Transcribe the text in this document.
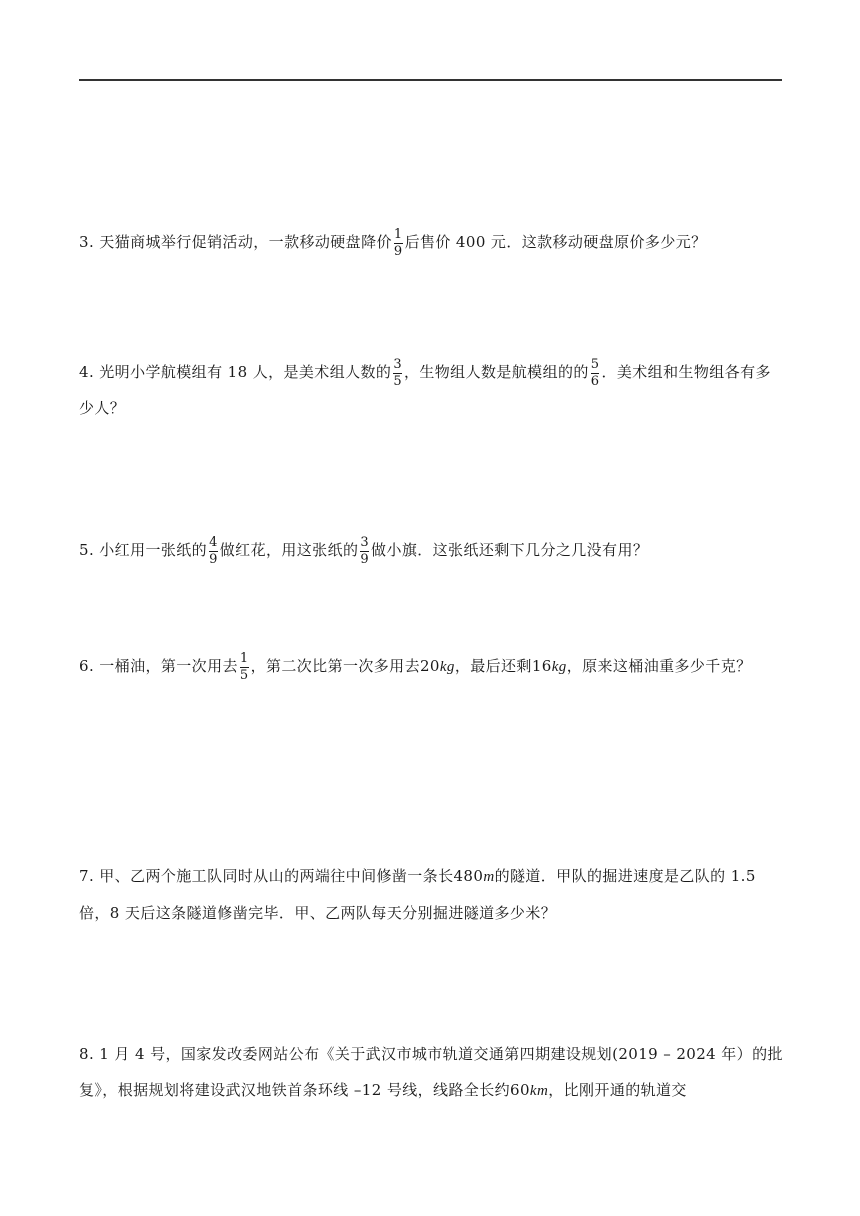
3. 天猫商城举行促销活动，一款移动硬盘降价 $\frac{1}{9}$ 后售价 400 元．这款移动硬盘原价多少元？
4. 光明小学航模组有 18 人，是美术组人数的 $\frac{3}{5}$ ，生物组人数是航模组的的 $\frac{5}{6}$ ．美术组和生物组各有多少人？
5. 小红用一张纸的 $\frac{4}{9}$ 做红花，用这张纸的 $\frac{3}{9}$ 做小旗．这张纸还剩下几分之几没有用？
6. 一桶油，第一次用去 $\frac{1}{5}$ ，第二次比第一次多用去20kg，最后还剩16kg，原来这桶油重多少千克？
7. 甲、乙两个施工队同时从山的两端往中间修凿一条长480m的隧道．甲队的掘进速度是乙队的 1.5 倍，8 天后这条隧道修凿完毕．甲、乙两队每天分别掘进隧道多少米？
8. 1 月 4 号，国家发改委网站公布《关于武汉市城市轨道交通第四期建设规划(2019 – 2024 年）的批复》，根据规划将建设武汉地铁首条环线 –12 号线，线路全长约60km，比刚开通的轨道交
